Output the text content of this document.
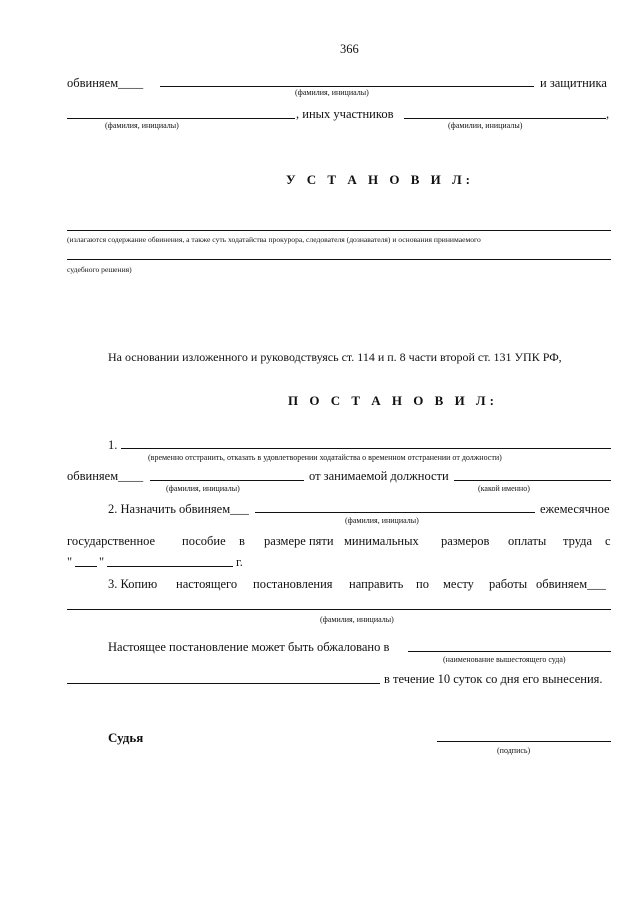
366
обвиняем____	и защитника
(фамилия, инициалы)
, иных участников	,
(фамилия, инициалы)	(фамилии, инициалы)
У С Т А Н О В И Л:
(излагаются содержание обвинения, а также суть ходатайства прокурора, следователя (дознавателя) и основания принимаемого
судебного решения)
На основании изложенного и руководствуясь ст. 114 и п. 8 части второй ст. 131 УПК РФ,
П О С Т А Н О В И Л:
1.
(временно отстранить, отказать в удовлетворении ходатайства о временном отстранении от должности)
обвиняем____	от занимаемой должности
(фамилия, инициалы)	(какой именно)
2. Назначить обвиняем___	ежемесячное
(фамилия, инициалы)
государственное пособие в размере пяти минимальных размеров оплаты труда с
" "	г.
3. Копию настоящего постановления направить по месту работы обвиняем___
(фамилия, инициалы)
Настоящее постановление может быть обжаловано в
(наименование вышестоящего суда)
в течение 10 суток со дня его вынесения.
Судья
(подпись)
